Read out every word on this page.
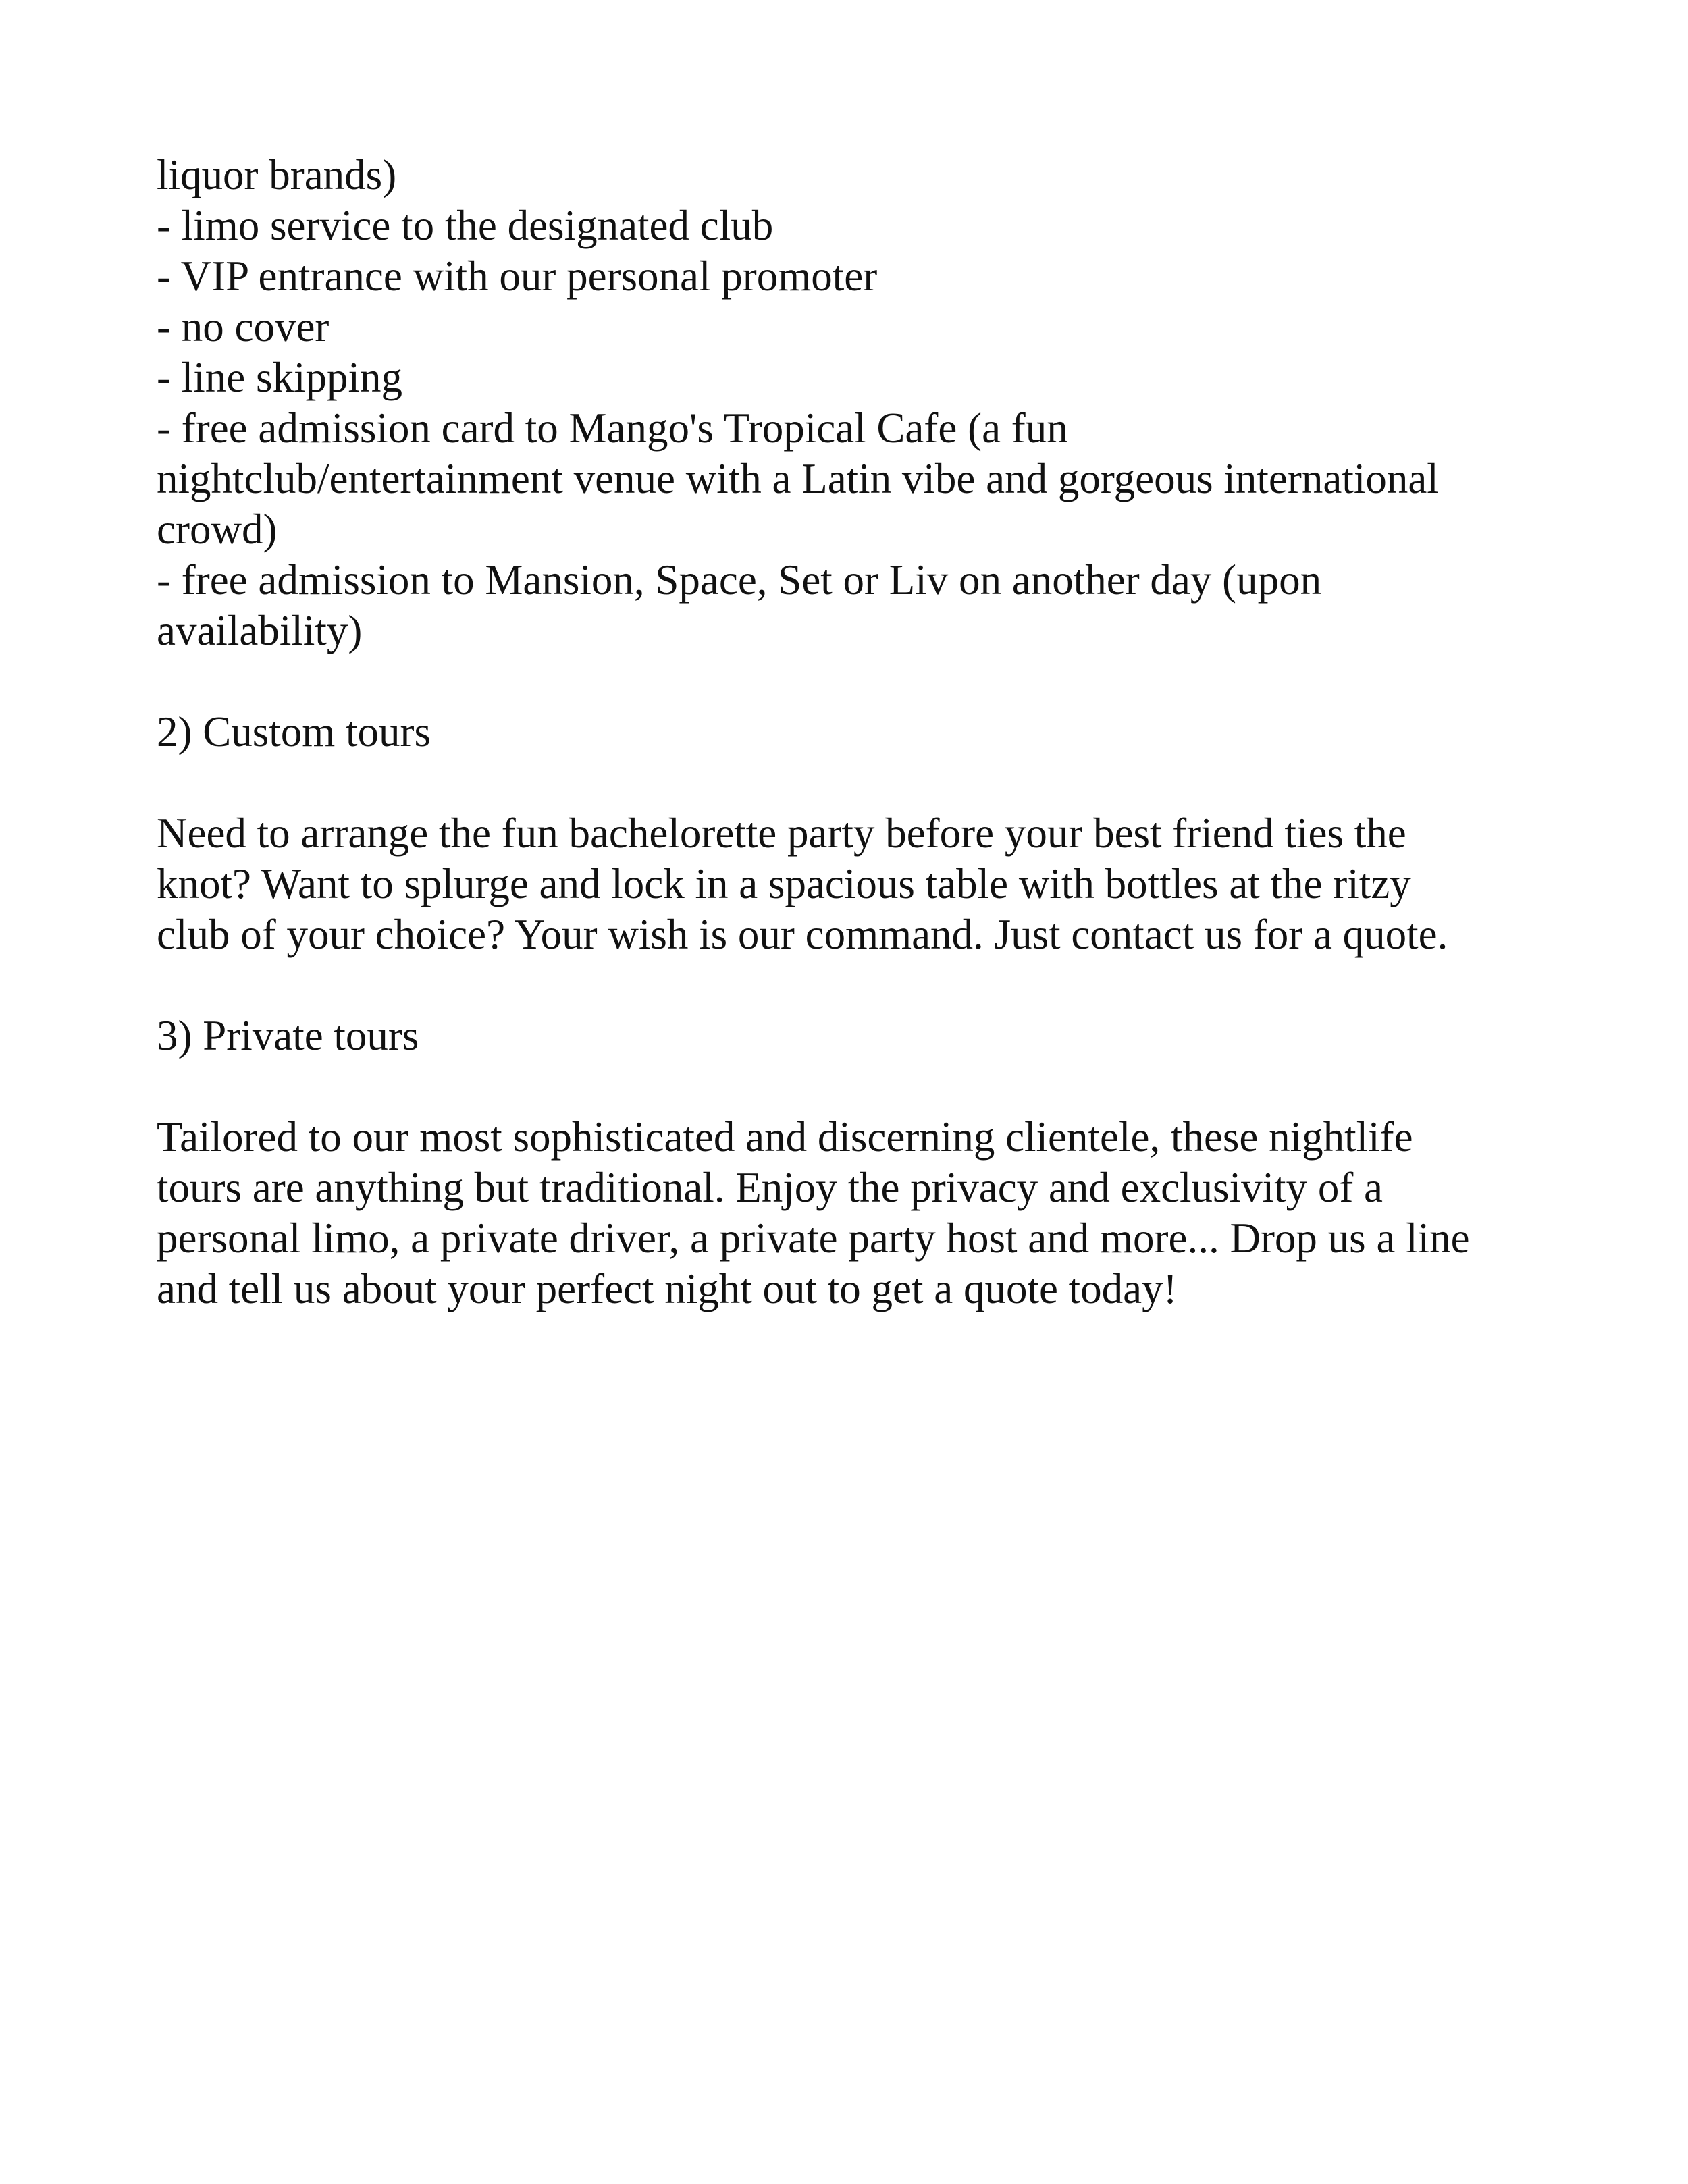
liquor brands)
- limo service to the designated club
- VIP entrance with our personal promoter
- no cover
- line skipping
- free admission card to Mango's Tropical Cafe (a fun
nightclub/entertainment venue with a Latin vibe and gorgeous international
crowd)
- free admission to Mansion, Space, Set or Liv on another day (upon
availability)
2) Custom tours
Need to arrange the fun bachelorette party before your best friend ties the
knot? Want to splurge and lock in a spacious table with bottles at the ritzy
club of your choice? Your wish is our command. Just contact us for a quote.
3) Private tours
Tailored to our most sophisticated and discerning clientele, these nightlife
tours are anything but traditional. Enjoy the privacy and exclusivity of a
personal limo, a private driver, a private party host and more... Drop us a line
and tell us about your perfect night out to get a quote today!
